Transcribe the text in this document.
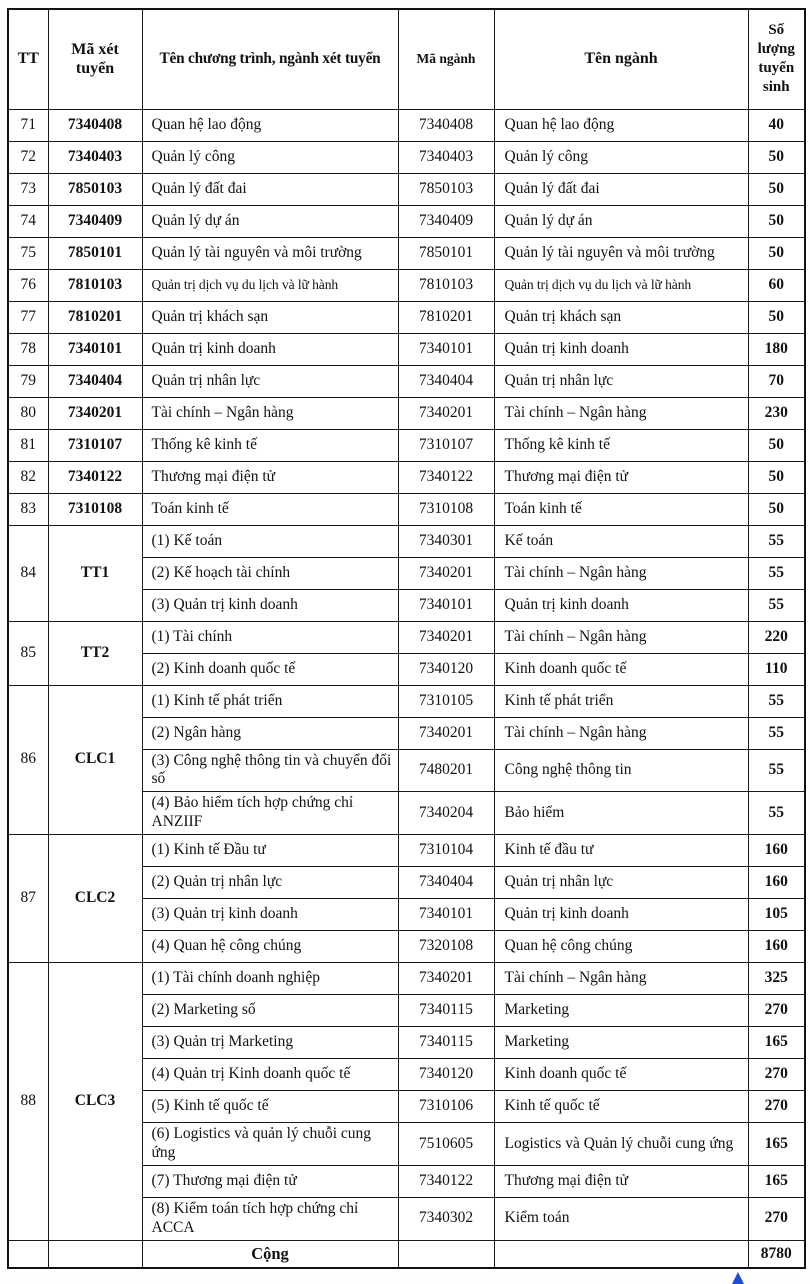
TT	Mã xét tuyển	Tên chương trình, ngành xét tuyển	Mã ngành	Tên ngành	Số lượng tuyển sinh
71	7340408	Quan hệ lao động	7340408	Quan hệ lao động	40
72	7340403	Quản lý công	7340403	Quản lý công	50
73	7850103	Quản lý đất đai	7850103	Quản lý đất đai	50
74	7340409	Quản lý dự án	7340409	Quản lý dự án	50
75	7850101	Quản lý tài nguyên và môi trường	7850101	Quản lý tài nguyên và môi trường	50
76	7810103	Quản trị dịch vụ du lịch và lữ hành	7810103	Quản trị dịch vụ du lịch và lữ hành	60
77	7810201	Quản trị khách sạn	7810201	Quản trị khách sạn	50
78	7340101	Quản trị kinh doanh	7340101	Quản trị kinh doanh	180
79	7340404	Quản trị nhân lực	7340404	Quản trị nhân lực	70
80	7340201	Tài chính – Ngân hàng	7340201	Tài chính – Ngân hàng	230
81	7310107	Thống kê kinh tế	7310107	Thống kê kinh tế	50
82	7340122	Thương mại điện tử	7340122	Thương mại điện tử	50
83	7310108	Toán kinh tế	7310108	Toán kinh tế	50
84	TT1	(1) Kế toán	7340301	Kế toán	55
		(2) Kế hoạch tài chính	7340201	Tài chính – Ngân hàng	55
		(3) Quản trị kinh doanh	7340101	Quản trị kinh doanh	55
85	TT2	(1) Tài chính	7340201	Tài chính – Ngân hàng	220
		(2) Kinh doanh quốc tế	7340120	Kinh doanh quốc tế	110
86	CLC1	(1) Kinh tế phát triển	7310105	Kinh tế phát triển	55
		(2) Ngân hàng	7340201	Tài chính – Ngân hàng	55
		(3) Công nghệ thông tin và chuyển đổi số	7480201	Công nghệ thông tin	55
		(4) Bảo hiểm tích hợp chứng chỉ ANZIIF	7340204	Bảo hiểm	55
87	CLC2	(1) Kinh tế Đầu tư	7310104	Kinh tế đầu tư	160
		(2) Quản trị nhân lực	7340404	Quản trị nhân lực	160
		(3) Quản trị kinh doanh	7340101	Quản trị kinh doanh	105
		(4) Quan hệ công chúng	7320108	Quan hệ công chúng	160
88	CLC3	(1) Tài chính doanh nghiệp	7340201	Tài chính – Ngân hàng	325
		(2) Marketing số	7340115	Marketing	270
		(3) Quản trị Marketing	7340115	Marketing	165
		(4) Quản trị Kinh doanh quốc tế	7340120	Kinh doanh quốc tế	270
		(5) Kinh tế quốc tế	7310106	Kinh tế quốc tế	270
		(6) Logistics và quản lý chuỗi cung ứng	7510605	Logistics và Quản lý chuỗi cung ứng	165
		(7) Thương mại điện tử	7340122	Thương mại điện tử	165
		(8) Kiểm toán tích hợp chứng chỉ ACCA	7340302	Kiểm toán	270
		Cộng			8780
